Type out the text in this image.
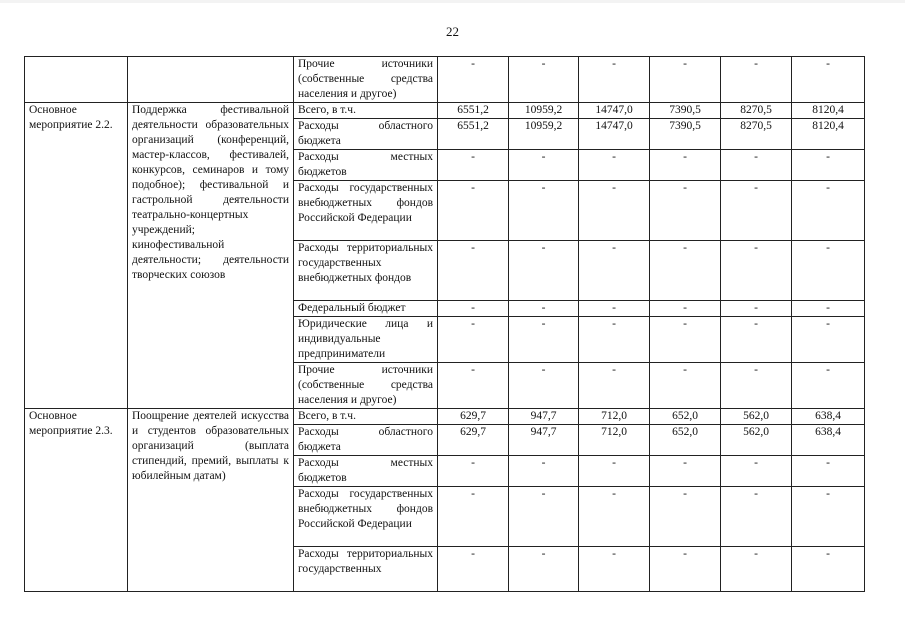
22
		Прочие источники (собственные средства населения и другое)	-	-	-	-	-	-
Основное мероприятие 2.2.	Поддержка фестивальной деятельности образовательных организаций (конференций, мастер-классов, фестивалей, конкурсов, семинаров и тому подобное); фестивальной и гастрольной деятельности театрально-концертных учреждений; кинофестивальной деятельности; деятельности творческих союзов	Всего, в т.ч.	6551,2	10959,2	14747,0	7390,5	8270,5	8120,4
		Расходы областного бюджета	6551,2	10959,2	14747,0	7390,5	8270,5	8120,4
		Расходы местных бюджетов	-	-	-	-	-	-
		Расходы государственных внебюджетных фондов Российской Федерации	-	-	-	-	-	-
		Расходы территориальных государственных внебюджетных фондов	-	-	-	-	-	-
		Федеральный бюджет	-	-	-	-	-	-
		Юридические лица и индивидуальные предприниматели	-	-	-	-	-	-
		Прочие источники (собственные средства населения и другое)	-	-	-	-	-	-
Основное мероприятие 2.3.	Поощрение деятелей искусства и студентов образовательных организаций (выплата стипендий, премий, выплаты к юбилейным датам)	Всего, в т.ч.	629,7	947,7	712,0	652,0	562,0	638,4
		Расходы областного бюджета	629,7	947,7	712,0	652,0	562,0	638,4
		Расходы местных бюджетов	-	-	-	-	-	-
		Расходы государственных внебюджетных фондов Российской Федерации	-	-	-	-	-	-
		Расходы территориальных государственных	-	-	-	-	-	-
